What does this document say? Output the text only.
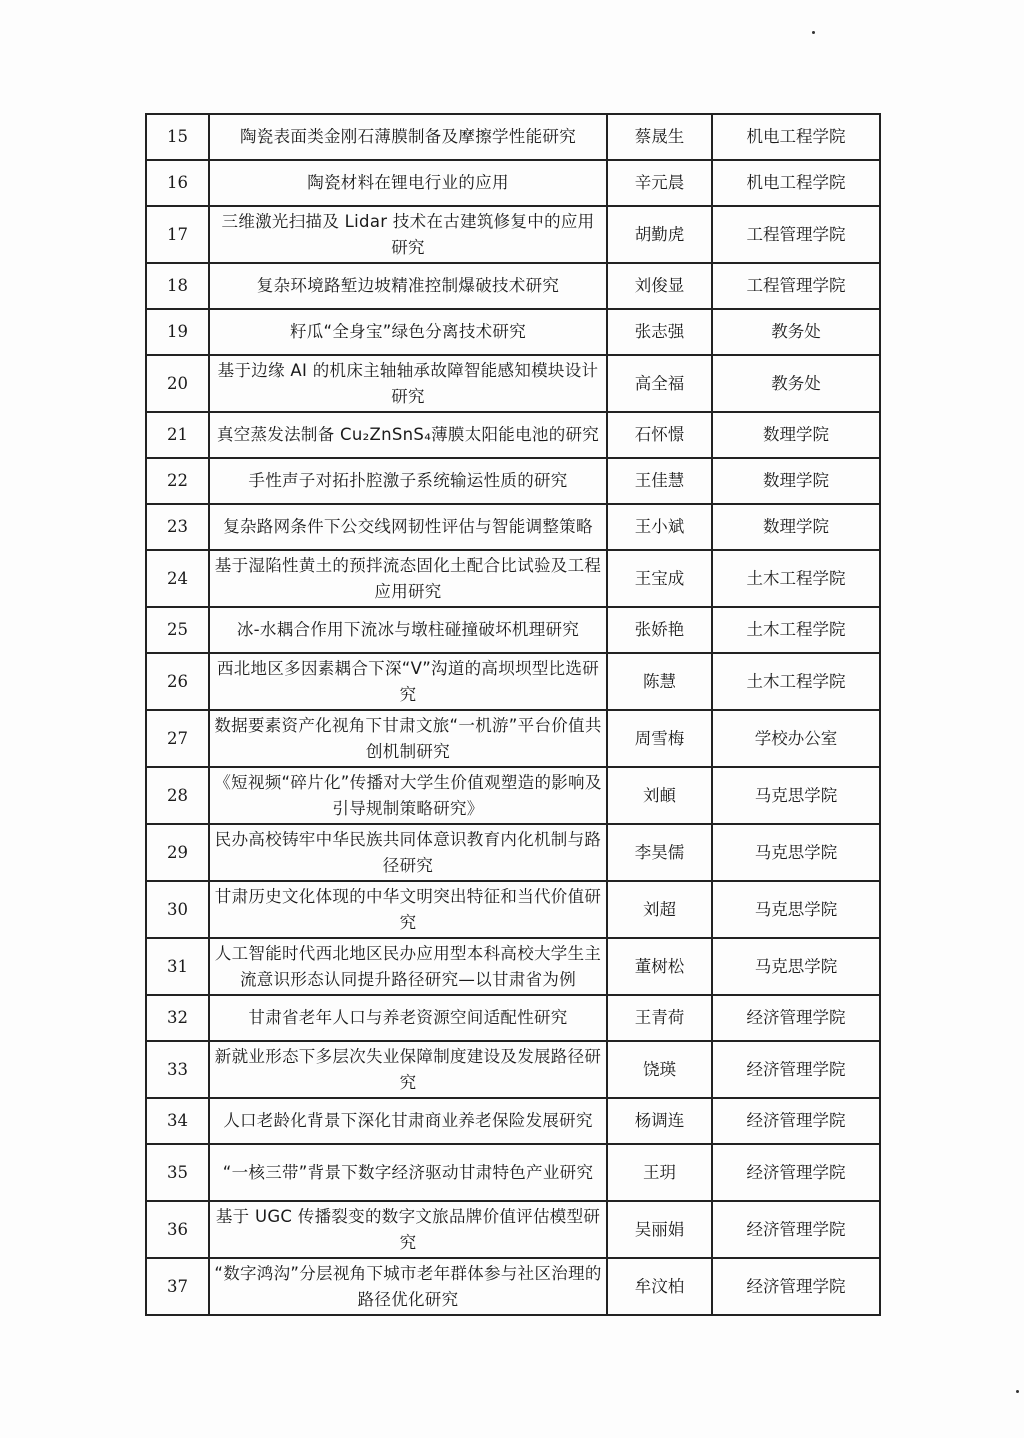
15	陶瓷表面类金刚石薄膜制备及摩擦学性能研究	蔡晟生	机电工程学院
16	陶瓷材料在锂电行业的应用	辛元晨	机电工程学院
17	三维激光扫描及 Lidar 技术在古建筑修复中的应用研究	胡勤虎	工程管理学院
18	复杂环境路堑边坡精准控制爆破技术研究	刘俊显	工程管理学院
19	籽瓜“全身宝”绿色分离技术研究	张志强	教务处
20	基于边缘 AI 的机床主轴轴承故障智能感知模块设计研究	高全福	教务处
21	真空蒸发法制备 Cu₂ZnSnS₄薄膜太阳能电池的研究	石怀憬	数理学院
22	手性声子对拓扑腔激子系统输运性质的研究	王佳慧	数理学院
23	复杂路网条件下公交线网韧性评估与智能调整策略	王小斌	数理学院
24	基于湿陷性黄土的预拌流态固化土配合比试验及工程应用研究	王宝成	土木工程学院
25	冰-水耦合作用下流冰与墩柱碰撞破坏机理研究	张娇艳	土木工程学院
26	西北地区多因素耦合下深“V”沟道的高坝坝型比选研究	陈慧	土木工程学院
27	数据要素资产化视角下甘肃文旅“一机游”平台价值共创机制研究	周雪梅	学校办公室
28	《短视频“碎片化”传播对大学生价值观塑造的影响及引导规制策略研究》	刘頔	马克思学院
29	民办高校铸牢中华民族共同体意识教育内化机制与路径研究	李昊儒	马克思学院
30	甘肃历史文化体现的中华文明突出特征和当代价值研究	刘超	马克思学院
31	人工智能时代西北地区民办应用型本科高校大学生主流意识形态认同提升路径研究—以甘肃省为例	董树松	马克思学院
32	甘肃省老年人口与养老资源空间适配性研究	王青荷	经济管理学院
33	新就业形态下多层次失业保障制度建设及发展路径研究	饶瑛	经济管理学院
34	人口老龄化背景下深化甘肃商业养老保险发展研究	杨调连	经济管理学院
35	“一核三带”背景下数字经济驱动甘肃特色产业研究	王玥	经济管理学院
36	基于 UGC 传播裂变的数字文旅品牌价值评估模型研究	吴丽娟	经济管理学院
37	“数字鸿沟”分层视角下城市老年群体参与社区治理的路径优化研究	牟汶柏	经济管理学院
